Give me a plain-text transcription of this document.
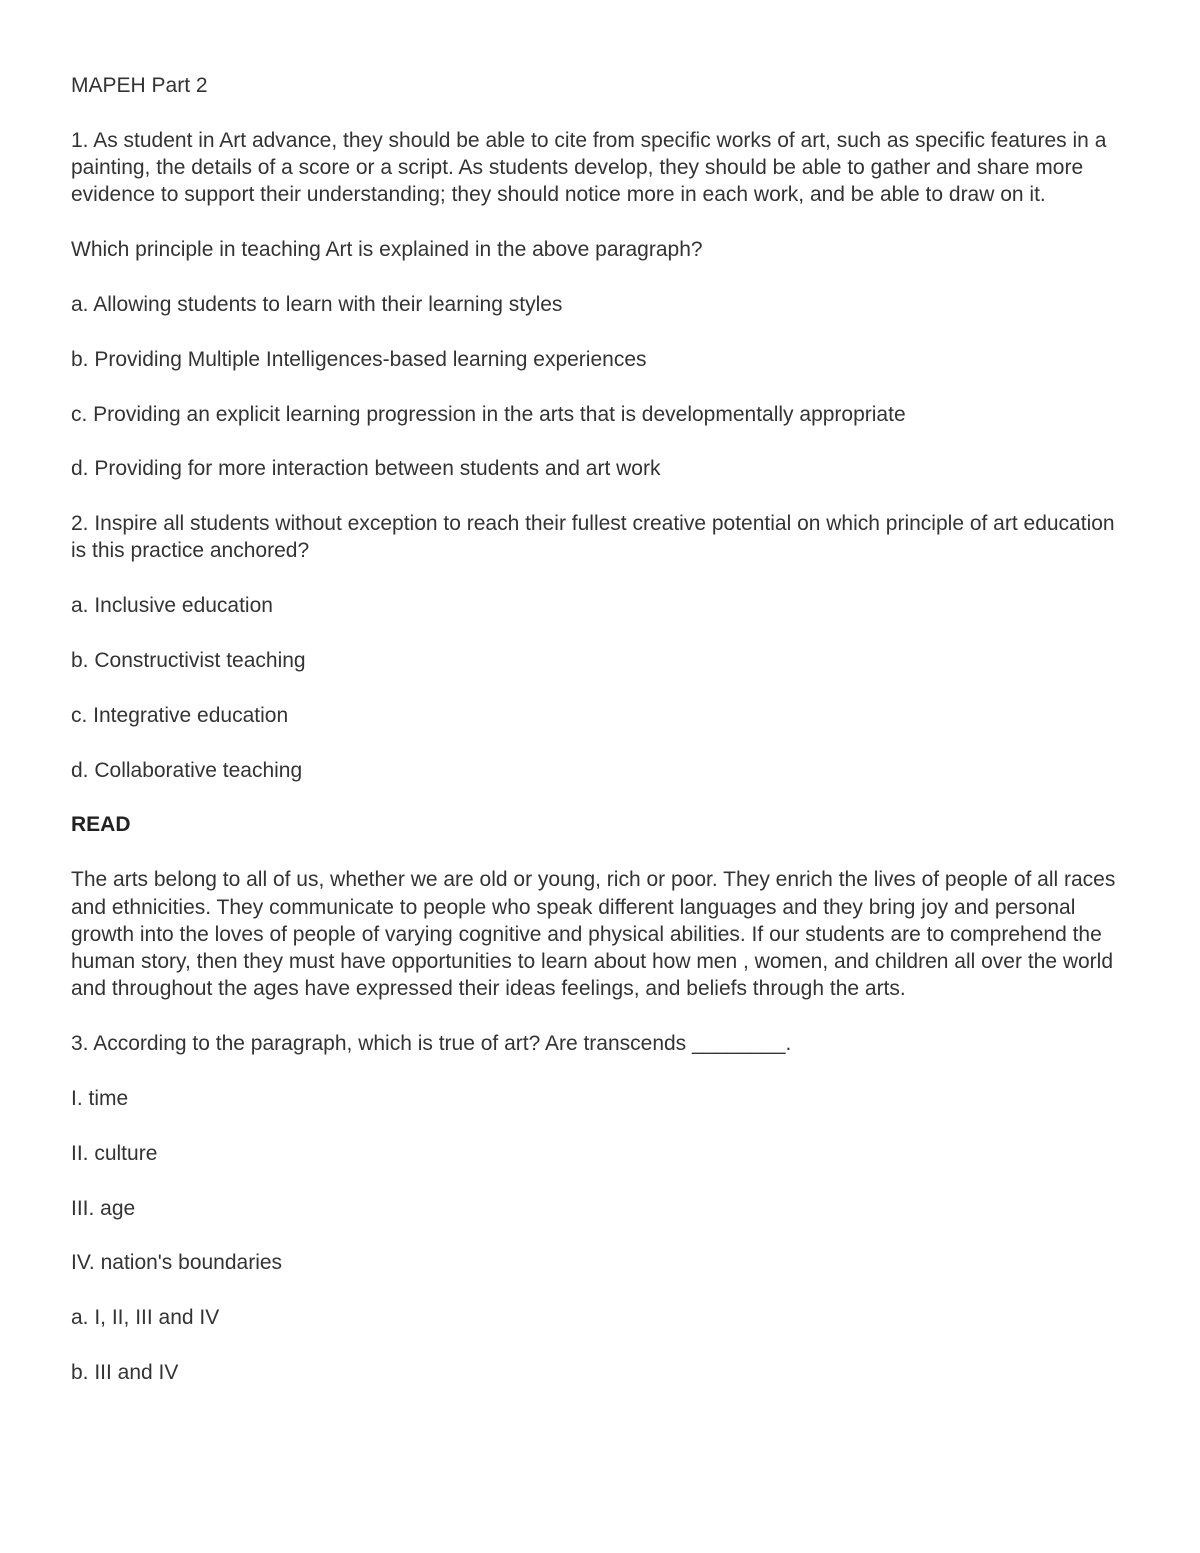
MAPEH Part 2

1. As student in Art advance, they should be able to cite from specific works of art, such as specific features in a painting, the details of a score or a script. As students develop, they should be able to gather and share more evidence to support their understanding; they should notice more in each work, and be able to draw on it.

Which principle in teaching Art is explained in the above paragraph?

a. Allowing students to learn with their learning styles

b. Providing Multiple Intelligences-based learning experiences

c. Providing an explicit learning progression in the arts that is developmentally appropriate

d. Providing for more interaction between students and art work

2. Inspire all students without exception to reach their fullest creative potential on which principle of art education is this practice anchored?

a. Inclusive education

b. Constructivist teaching

c. Integrative education

d. Collaborative teaching

READ

The arts belong to all of us, whether we are old or young, rich or poor. They enrich the lives of people of all races and ethnicities. They communicate to people who speak different languages and they bring joy and personal growth into the loves of people of varying cognitive and physical abilities. If our students are to comprehend the human story, then they must have opportunities to learn about how men , women, and children all over the world and throughout the ages have expressed their ideas feelings, and beliefs through the arts.

3. According to the paragraph, which is true of art? Are transcends ________.

I. time

II. culture

III. age

IV. nation's boundaries

a. I, II, III and IV

b. III and IV
